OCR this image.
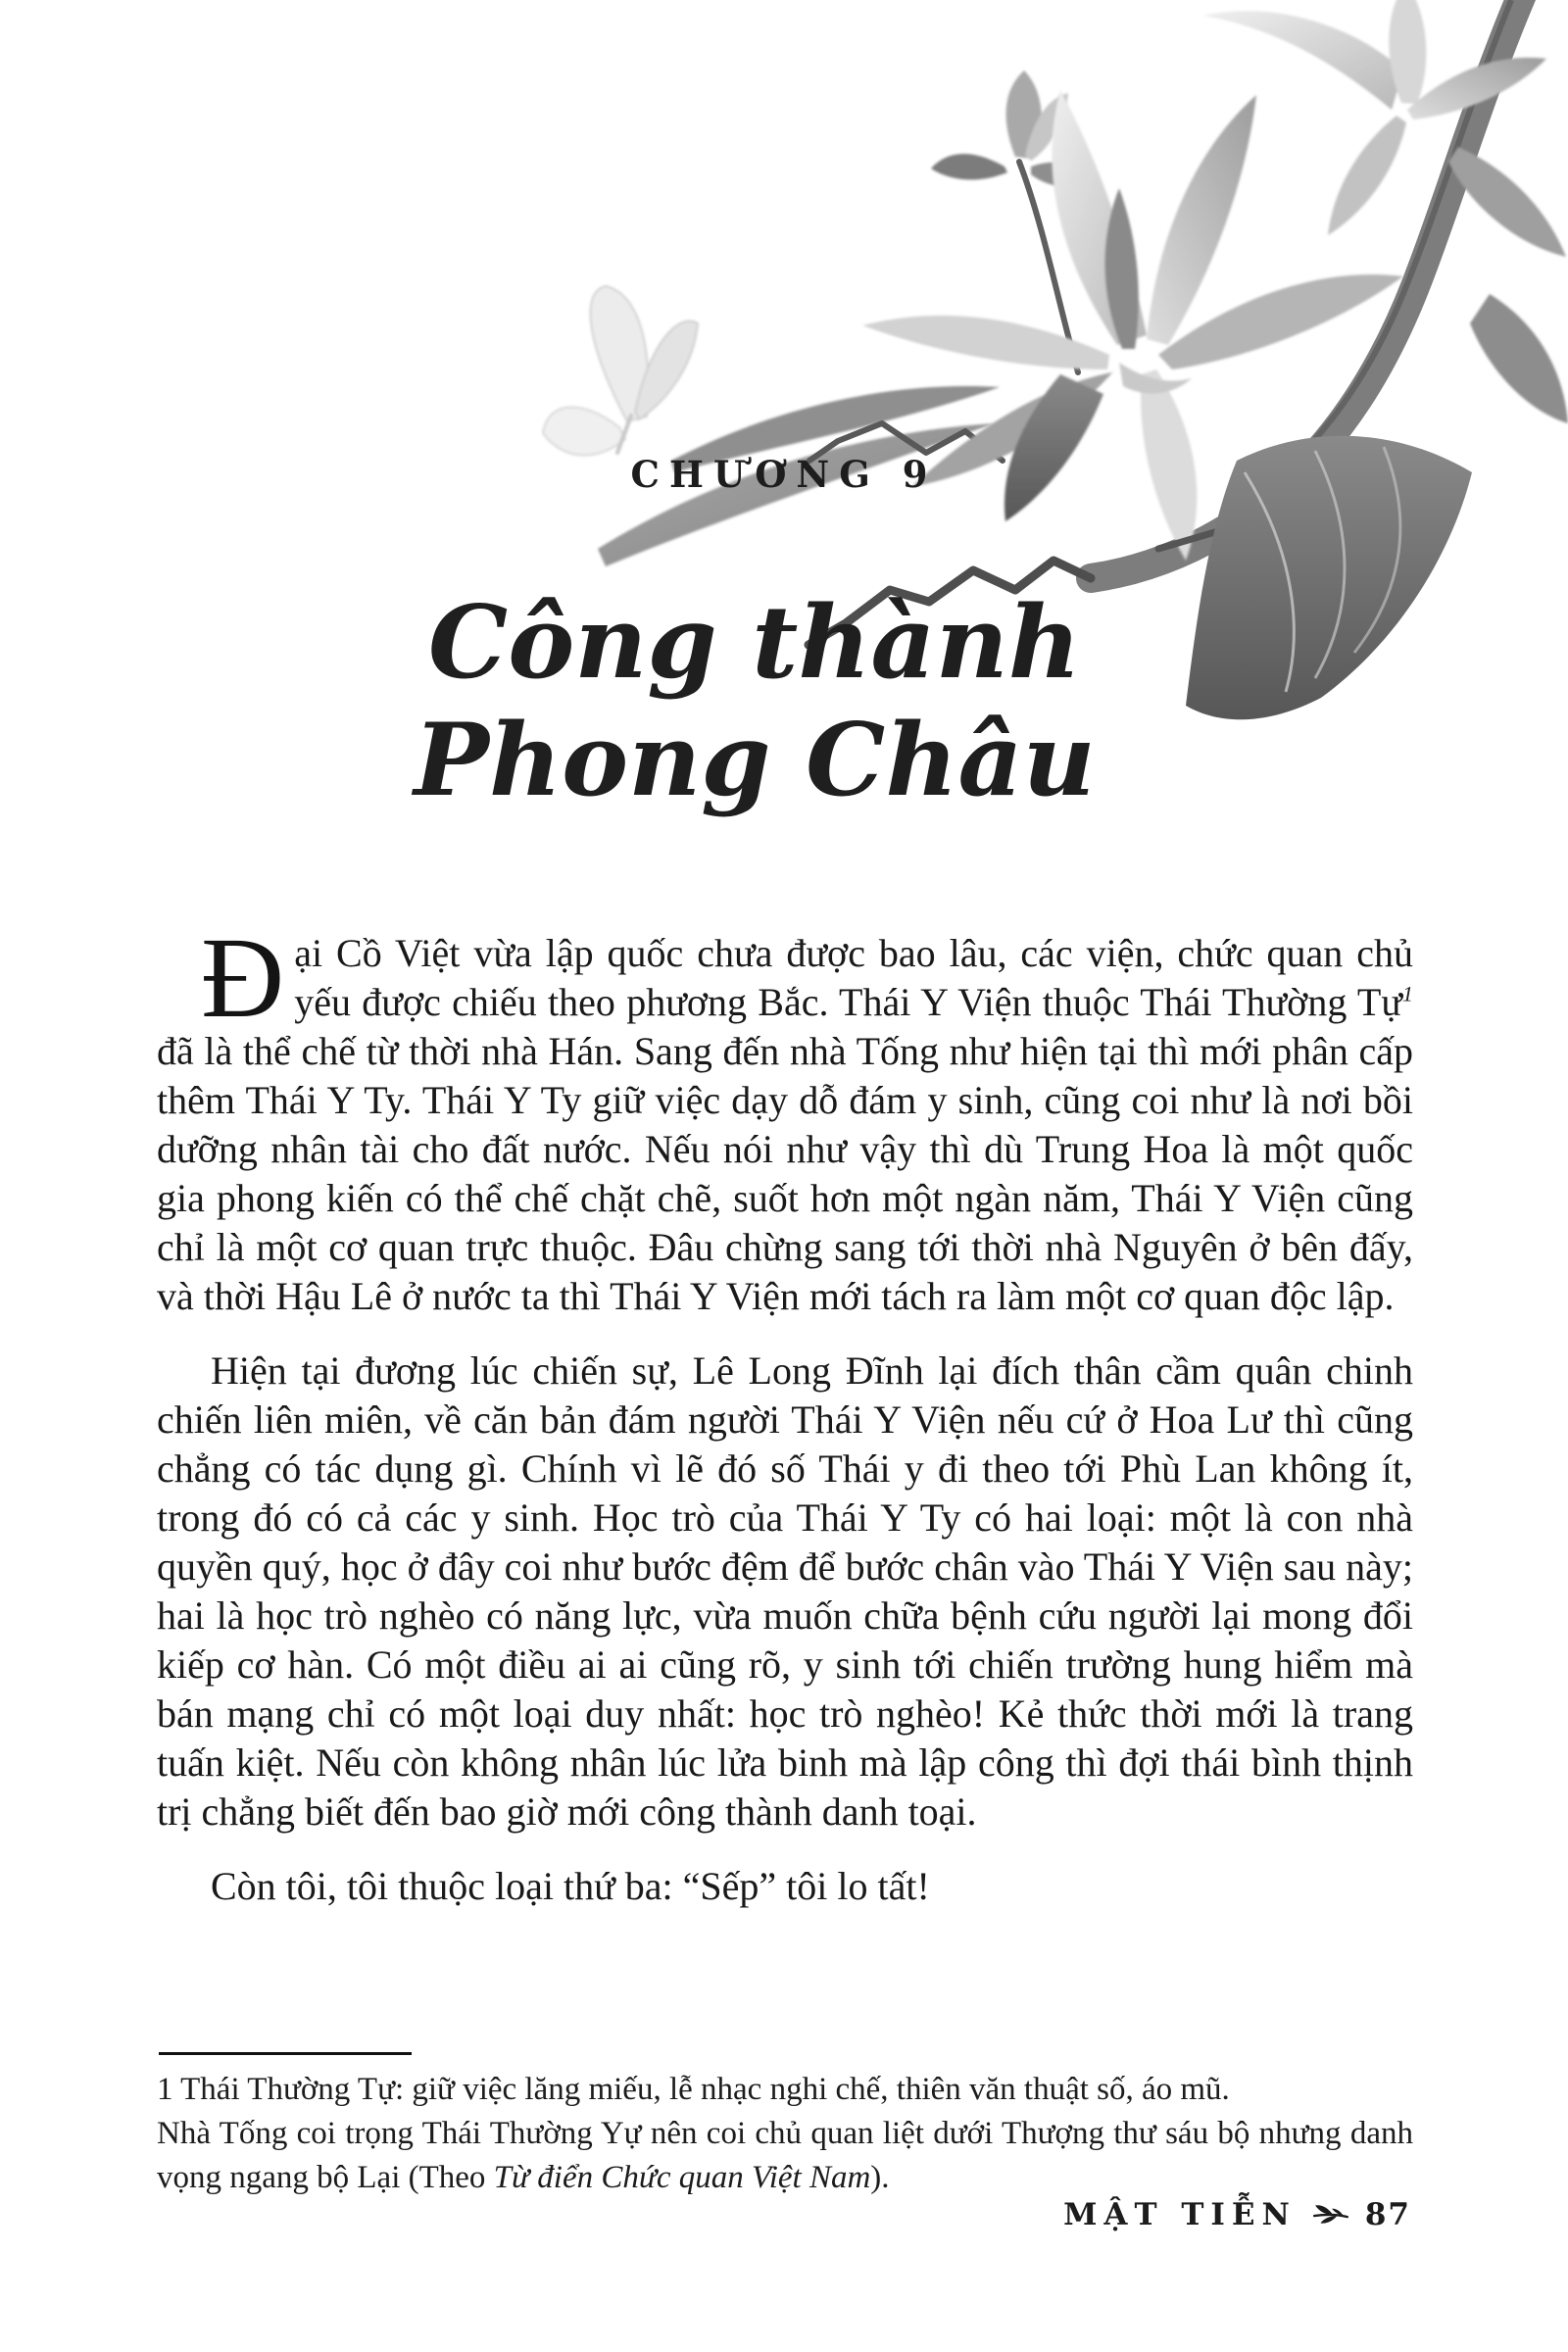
CHƯƠNG 9
Công thành
Phong Châu

Đ ại Cồ Việt vừa lập quốc chưa được bao lâu, các viện, chức quan chủ yếu được chiếu theo phương Bắc. Thái Y Viện thuộc Thái Thường Tự$^1$ đã là thể chế từ thời nhà Hán. Sang đến nhà Tống như hiện tại thì mới phân cấp thêm Thái Y Ty. Thái Y Ty giữ việc dạy dỗ đám y sinh, cũng coi như là nơi bồi dưỡng nhân tài cho đất nước. Nếu nói như vậy thì dù Trung Hoa là một quốc gia phong kiến có thể chế chặt chẽ, suốt hơn một ngàn năm, Thái Y Viện cũng chỉ là một cơ quan trực thuộc. Đâu chừng sang tới thời nhà Nguyên ở bên đấy, và thời Hậu Lê ở nước ta thì Thái Y Viện mới tách ra làm một cơ quan độc lập.

Hiện tại đương lúc chiến sự, Lê Long Đĩnh lại đích thân cầm quân chinh chiến liên miên, về căn bản đám người Thái Y Viện nếu cứ ở Hoa Lư thì cũng chẳng có tác dụng gì. Chính vì lẽ đó số Thái y đi theo tới Phù Lan không ít, trong đó có cả các y sinh. Học trò của Thái Y Ty có hai loại: một là con nhà quyền quý, học ở đây coi như bước đệm để bước chân vào Thái Y Viện sau này; hai là học trò nghèo có năng lực, vừa muốn chữa bệnh cứu người lại mong đổi kiếp cơ hàn. Có một điều ai ai cũng rõ, y sinh tới chiến trường hung hiểm mà bán mạng chỉ có một loại duy nhất: học trò nghèo! Kẻ thức thời mới là trang tuấn kiệt. Nếu còn không nhân lúc lửa binh mà lập công thì đợi thái bình thịnh trị chẳng biết đến bao giờ mới công thành danh toại.

Còn tôi, tôi thuộc loại thứ ba: “Sếp” tôi lo tất!

1 Thái Thường Tự: giữ việc lăng miếu, lễ nhạc nghi chế, thiên văn thuật số, áo mũ.
Nhà Tống coi trọng Thái Thường Yự nên coi chủ quan liệt dưới Thượng thư sáu bộ nhưng danh vọng ngang bộ Lại (Theo Từ điển Chức quan Việt Nam).
MẬT TIỄN 87
